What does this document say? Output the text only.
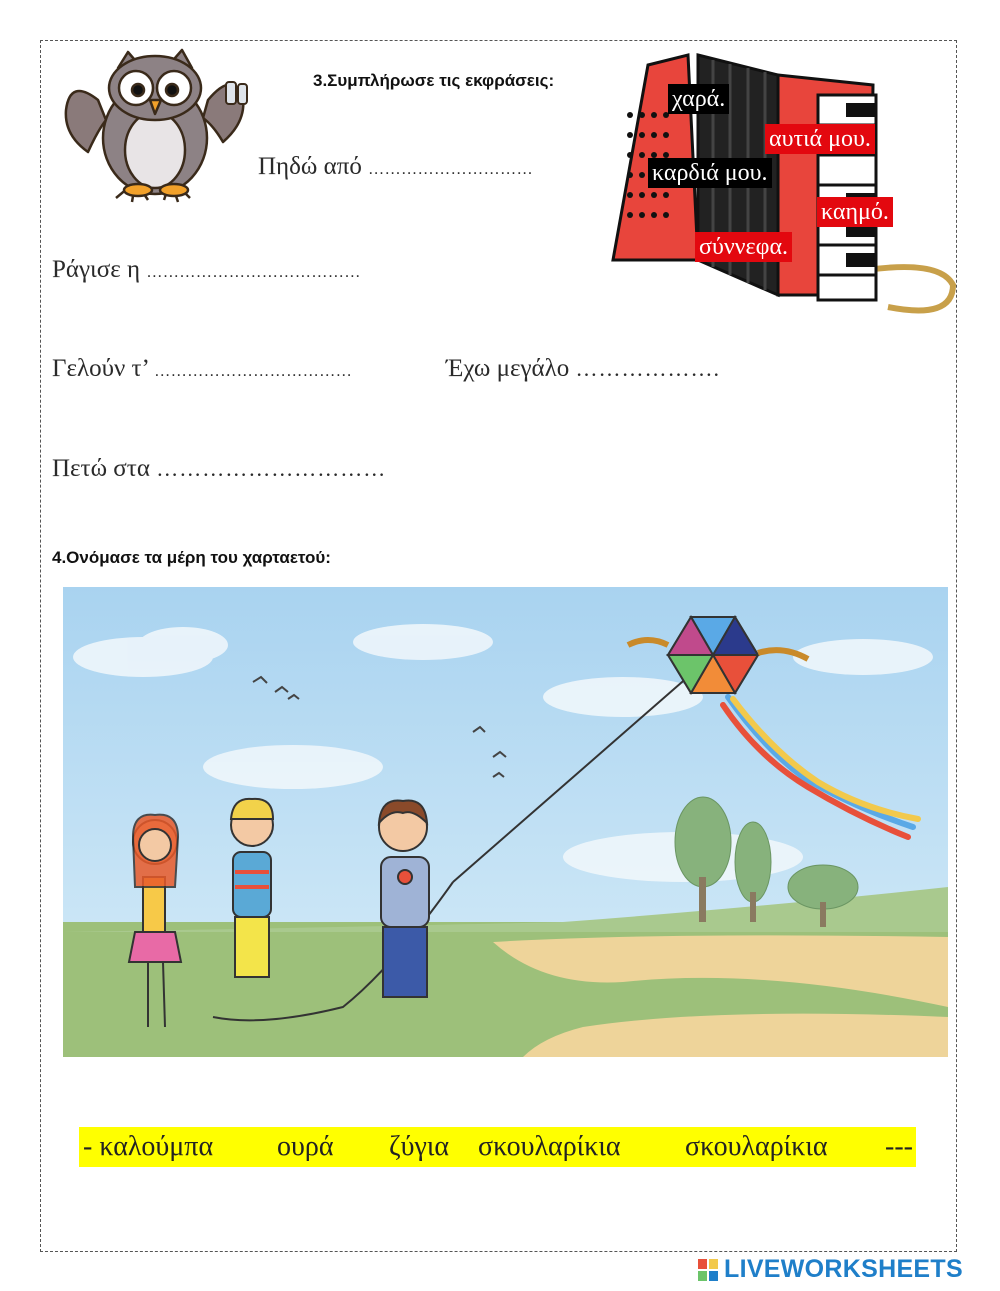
3.Συμπλήρωσε τις εκφράσεις:
Πηδώ από …………………………
Ράγισε η …………………………………
Γελούν τ’ ………………………………	Έχω μεγάλο ……………….
Πετώ στα …………………………
χαρά.
αυτιά μου.
καρδιά μου.
καημό.
σύννεφα.
4.Ονόμασε τα μέρη του χαρταετού:
- καλούμπα ουρά ζύγια σκουλαρίκια σκουλαρίκια ---
LIVEWORKSHEETS
